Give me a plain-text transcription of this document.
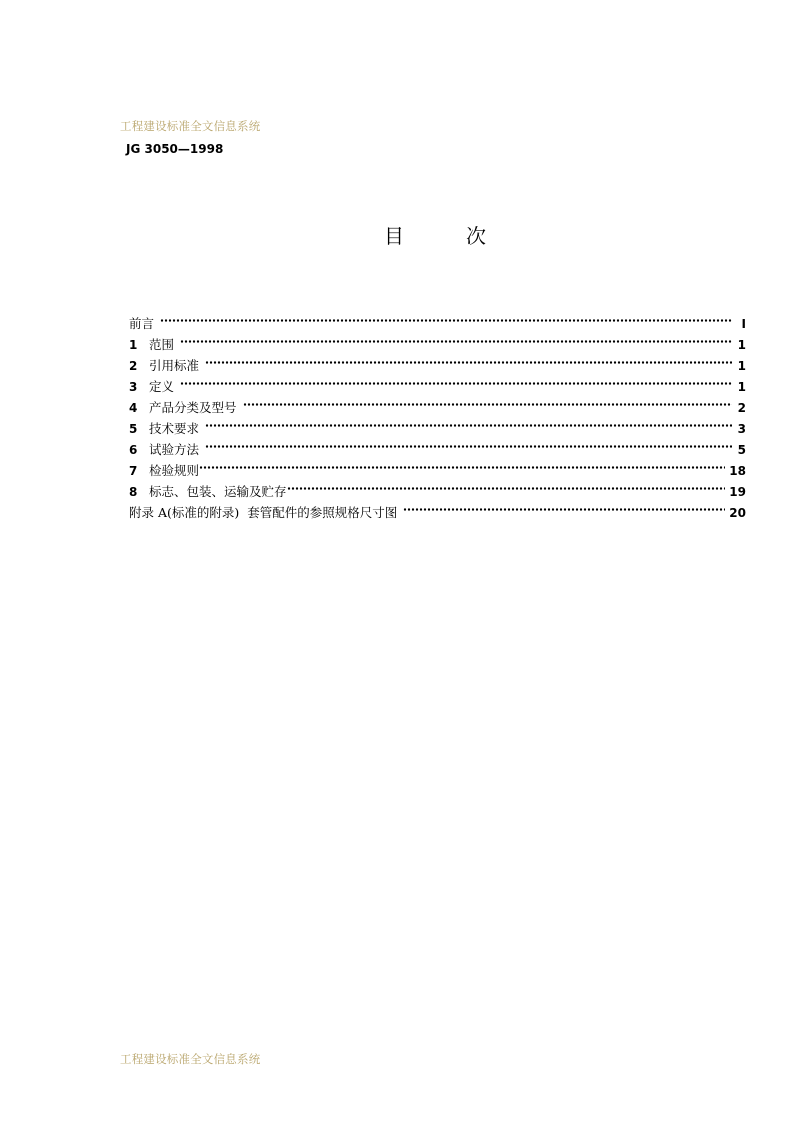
工程建设标准全文信息系统
JG 3050—1998
目	次
前言	I
1 范围	1
2 引用标准	1
3 定义	1
4 产品分类及型号	2
5 技术要求	3
6 试验方法	5
7 检验规则	18
8 标志、包装、运输及贮存	19
附录 A(标准的附录)  套管配件的参照规格尺寸图	20
工程建设标准全文信息系统
